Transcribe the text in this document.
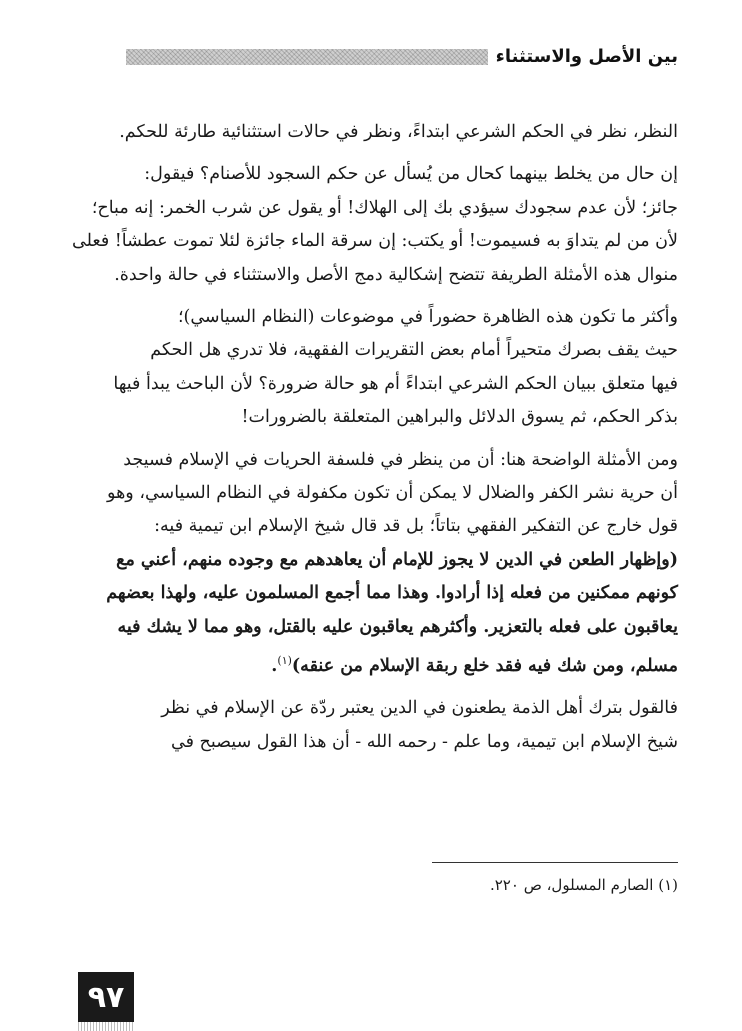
بين الأصل والاستثناء

النظر، نظر في الحكم الشرعي ابتداءً، ونظر في حالات استثنائية طارئة للحكم.

إن حال من يخلط بينهما كحال من يُسأل عن حكم السجود للأصنام؟ فيقول:
جائز؛ لأن عدم سجودك سيؤدي بك إلى الهلاك! أو يقول عن شرب الخمر: إنه مباح؛
لأن من لم يتداوَ به فسيموت! أو يكتب: إن سرقة الماء جائزة لئلا تموت عطشاً! فعلى
منوال هذه الأمثلة الطريفة تتضح إشكالية دمج الأصل والاستثناء في حالة واحدة.

وأكثر ما تكون هذه الظاهرة حضوراً في موضوعات (النظام السياسي)؛
حيث يقف بصرك متحيراً أمام بعض التقريرات الفقهية، فلا تدري هل الحكم
فيها متعلق ببيان الحكم الشرعي ابتداءً أم هو حالة ضرورة؟ لأن الباحث يبدأ فيها
بذكر الحكم، ثم يسوق الدلائل والبراهين المتعلقة بالضرورات!

ومن الأمثلة الواضحة هنا: أن من ينظر في فلسفة الحريات في الإسلام فسيجد
أن حرية نشر الكفر والضلال لا يمكن أن تكون مكفولة في النظام السياسي، وهو
قول خارج عن التفكير الفقهي بتاتاً؛ بل قد قال شيخ الإسلام ابن تيمية فيه:
(وإظهار الطعن في الدين لا يجوز للإمام أن يعاهدهم مع وجوده منهم، أعني مع
كونهم ممكنين من فعله إذا أرادوا. وهذا مما أجمع المسلمون عليه، ولهذا بعضهم
يعاقبون على فعله بالتعزير. وأكثرهم يعاقبون عليه بالقتل، وهو مما لا يشك فيه
مسلم، ومن شك فيه فقد خلع ربقة الإسلام من عنقه)$^{(١)}$.

فالقول بترك أهل الذمة يطعنون في الدين يعتبر ردّة عن الإسلام في نظر
شيخ الإسلام ابن تيمية، وما علم - رحمه الله - أن هذا القول سيصبح في

(١) الصارم المسلول، ص ٢٢٠.
٩٧
